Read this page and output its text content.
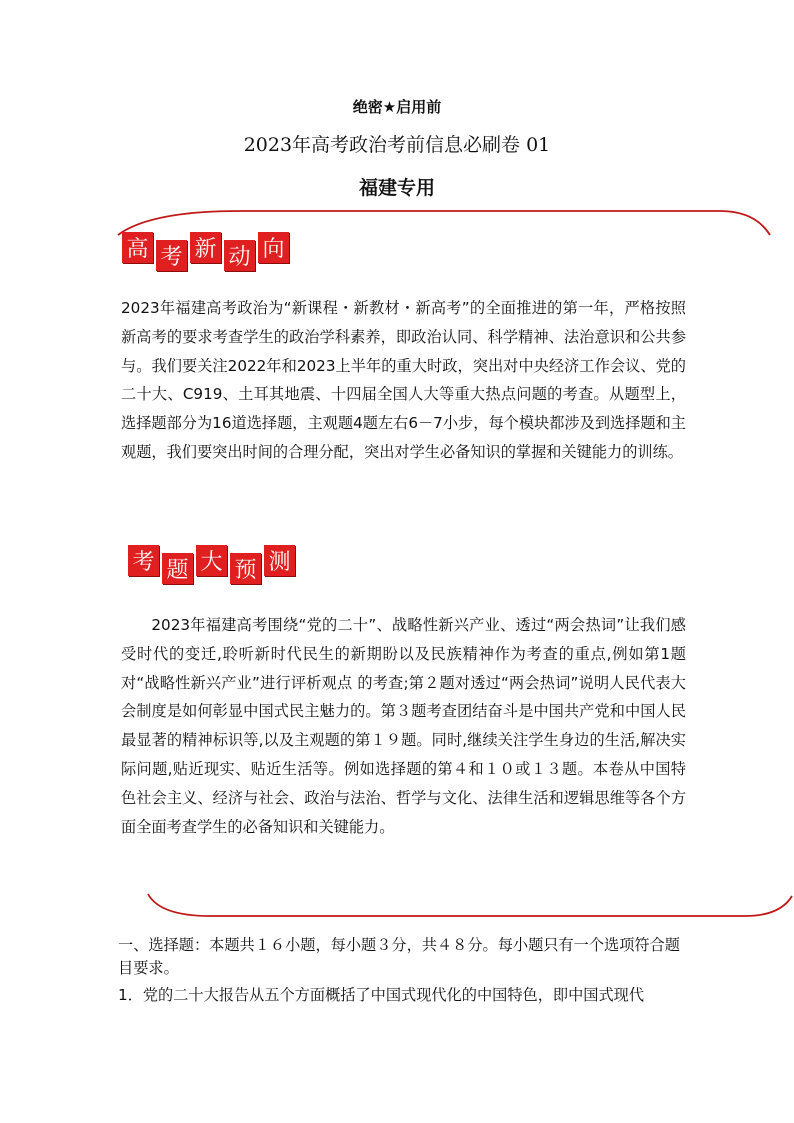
绝密★启用前
2023年高考政治考前信息必刷卷 01
福建专用
高 考 新 动 向

2023年福建高考政治为“新课程・新教材・新高考”的全面推进的第一年，严格按照新高考的要求考查学生的政治学科素养，即政治认同、科学精神、法治意识和公共参与。我们要关注2022年和2023上半年的重大时政，突出对中央经济工作会议、党的二十大、C919、土耳其地震、十四届全国人大等重大热点问题的考查。从题型上，选择题部分为16道选择题，主观题4题左右6－7小步，每个模块都涉及到选择题和主观题，我们要突出时间的合理分配，突出对学生必备知识的掌握和关键能力的训练。

考 题 大 预 测

2023年福建高考围绕“党的二十”、战略性新兴产业、透过“两会热词”让我们感受时代的变迁,聆听新时代民生的新期盼以及民族精神作为考查的重点,例如第1题对“战略性新兴产业”进行评析观点 的考查;第２题对透过“两会热词”说明人民代表大会制度是如何彰显中国式民主魅力的。第３题考查团结奋斗是中国共产党和中国人民最显著的精神标识等,以及主观题的第１９题。同时,继续关注学生身边的生活,解决实际问题,贴近现实、贴近生活等。例如选择题的第４和１０或１３题。本卷从中国特色社会主义、经济与社会、政治与法治、哲学与文化、法律生活和逻辑思维等各个方面全面考查学生的必备知识和关键能力。

一、选择题：本题共１６小题，每小题３分，共４８分。每小题只有一个选项符合题目要求。
1．党的二十大报告从五个方面概括了中国式现代化的中国特色，即中国式现代
